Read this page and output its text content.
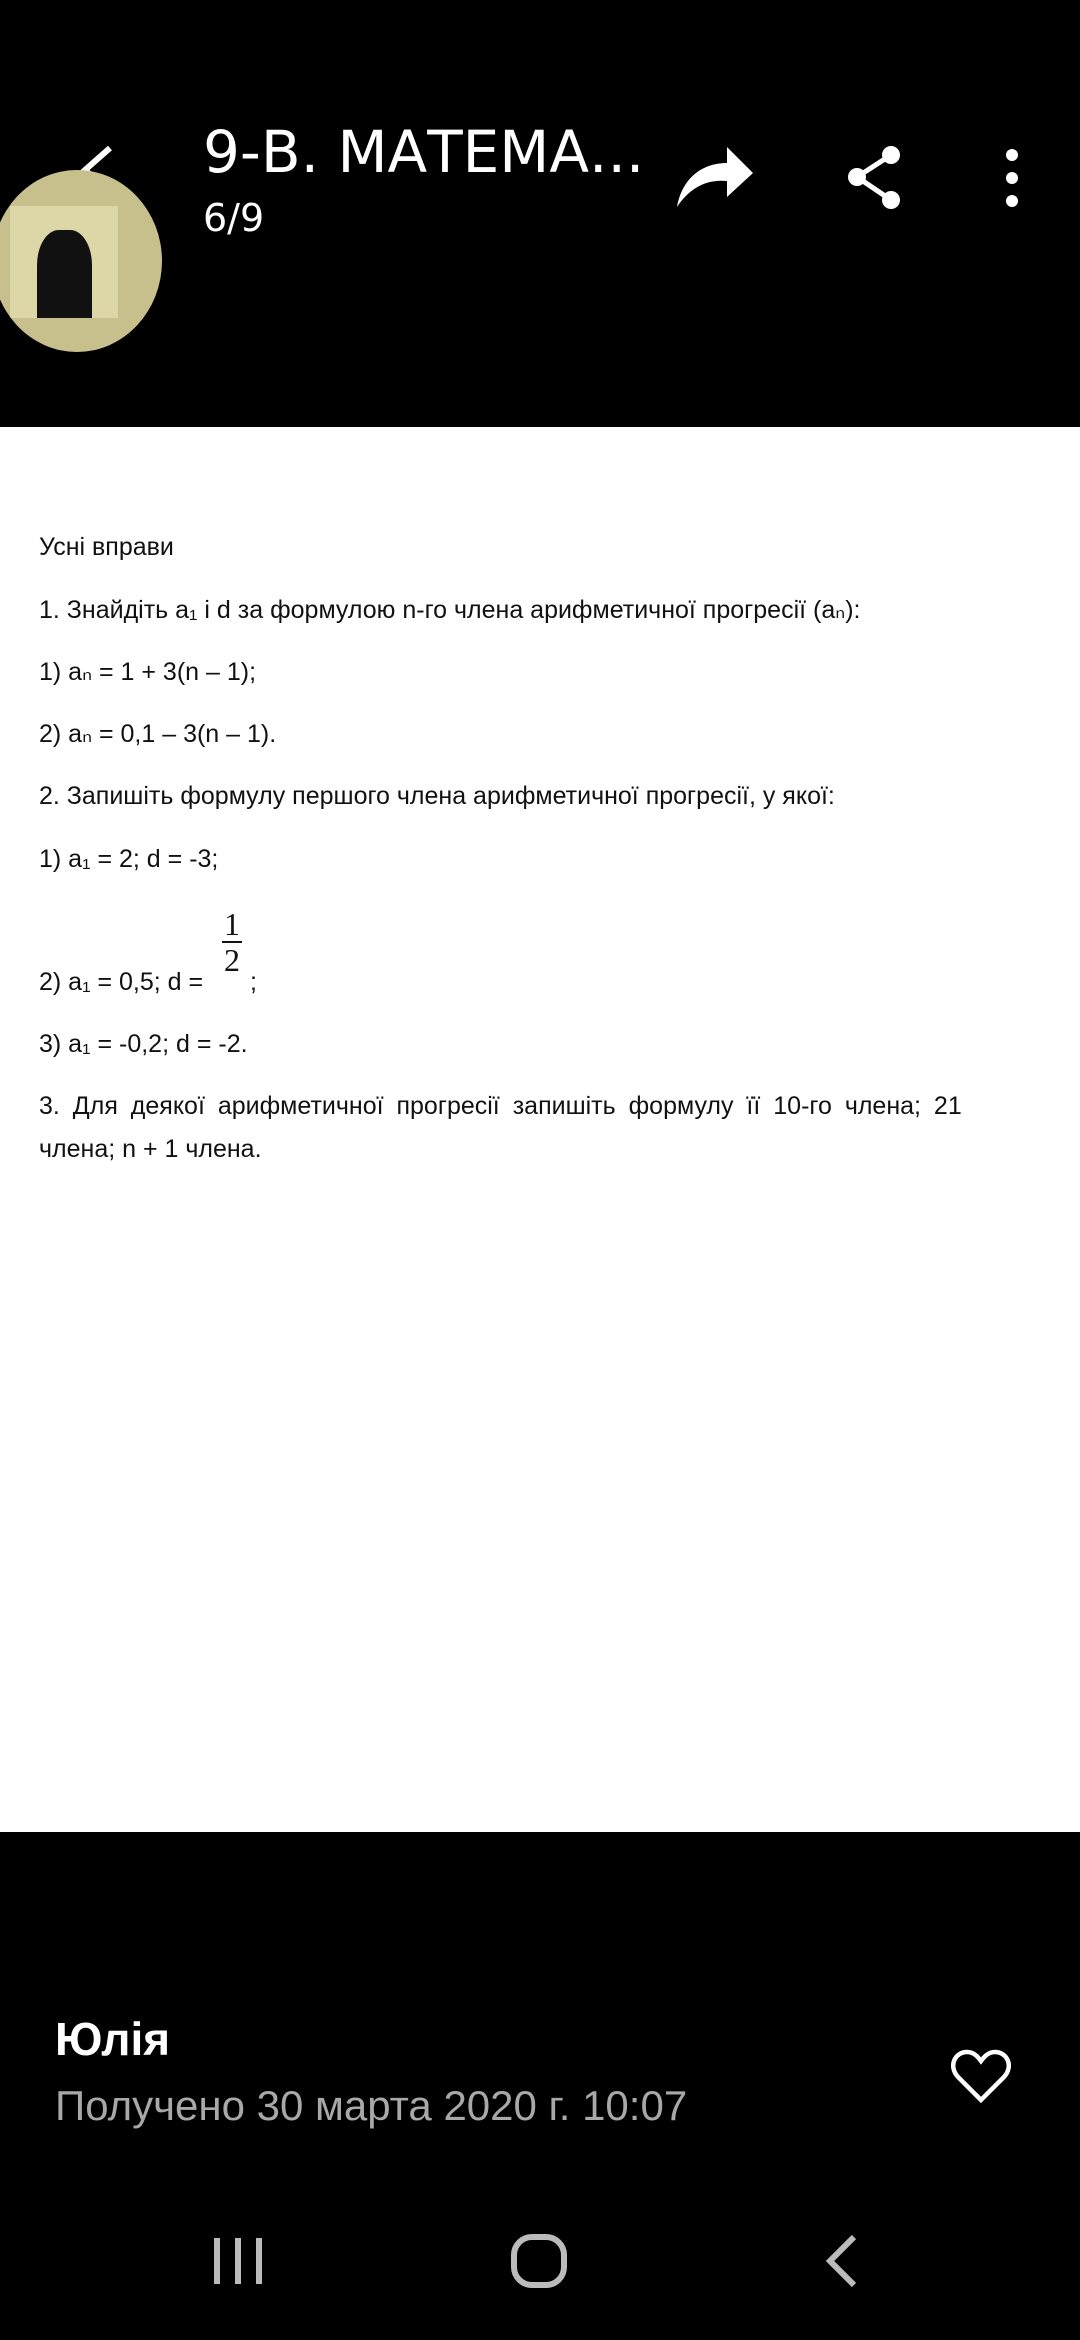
9-В. МАТЕМА...
6/9
Усні вправи
1. Знайдіть a₁ і d за формулою n-го члена арифметичної прогресії (aₙ):
1) aₙ = 1 + 3(n – 1);
2) aₙ = 0,1 – 3(n – 1).
2. Запишіть формулу першого члена арифметичної прогресії, у якої:
1) a₁ = 2; d = -3;
2) a₁ = 0,5; d =
$\frac{1}{2}$
;
3) a₁ = -0,2; d = -2.
3. Для деякої арифметичної прогресії запишіть формулу її 10-го члена; 21
члена; n + 1 члена.
Юлія
Получено 30 марта 2020 г. 10:07
